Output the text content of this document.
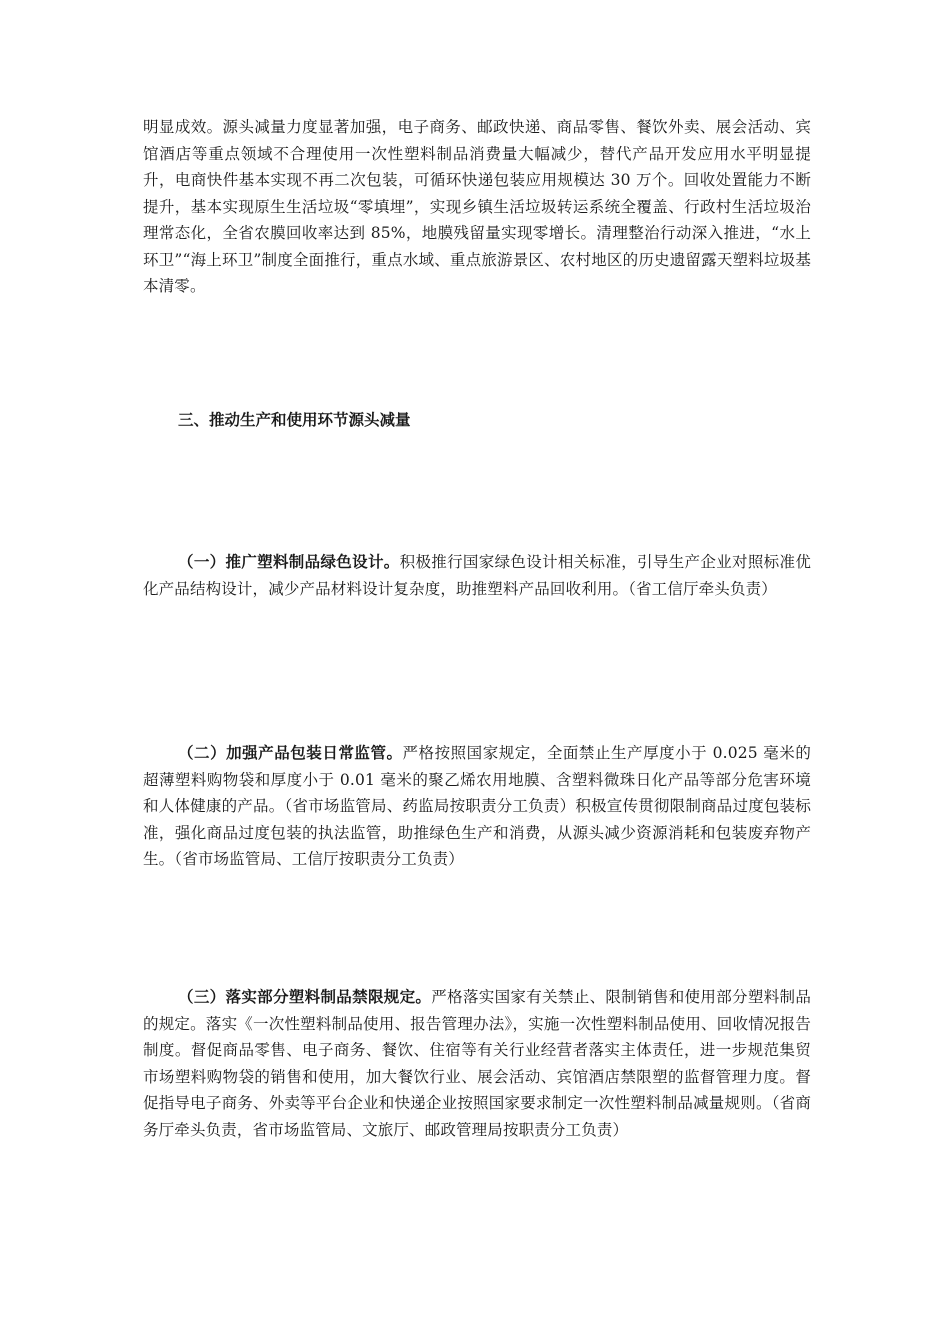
明显成效。源头减量力度显著加强，电子商务、邮政快递、商品零售、餐饮外卖、展会活动、宾馆酒店等重点领域不合理使用一次性塑料制品消费量大幅减少，替代产品开发应用水平明显提升，电商快件基本实现不再二次包装，可循环快递包装应用规模达 30 万个。回收处置能力不断提升，基本实现原生生活垃圾“零填埋”，实现乡镇生活垃圾转运系统全覆盖、行政村生活垃圾治理常态化，全省农膜回收率达到 85%，地膜残留量实现零增长。清理整治行动深入推进，“水上环卫”“海上环卫”制度全面推行，重点水域、重点旅游景区、农村地区的历史遗留露天塑料垃圾基本清零。

三、推动生产和使用环节源头减量

（一）推广塑料制品绿色设计。积极推行国家绿色设计相关标准，引导生产企业对照标准优化产品结构设计，减少产品材料设计复杂度，助推塑料产品回收利用。（省工信厅牵头负责）

（二）加强产品包装日常监管。严格按照国家规定，全面禁止生产厚度小于 0.025 毫米的超薄塑料购物袋和厚度小于 0.01 毫米的聚乙烯农用地膜、含塑料微珠日化产品等部分危害环境和人体健康的产品。（省市场监管局、药监局按职责分工负责）积极宣传贯彻限制商品过度包装标准，强化商品过度包装的执法监管，助推绿色生产和消费，从源头减少资源消耗和包装废弃物产生。（省市场监管局、工信厅按职责分工负责）

（三）落实部分塑料制品禁限规定。严格落实国家有关禁止、限制销售和使用部分塑料制品的规定。落实《一次性塑料制品使用、报告管理办法》，实施一次性塑料制品使用、回收情况报告制度。督促商品零售、电子商务、餐饮、住宿等有关行业经营者落实主体责任，进一步规范集贸市场塑料购物袋的销售和使用，加大餐饮行业、展会活动、宾馆酒店禁限塑的监督管理力度。督促指导电子商务、外卖等平台企业和快递企业按照国家要求制定一次性塑料制品减量规则。（省商务厅牵头负责，省市场监管局、文旅厅、邮政管理局按职责分工负责）
